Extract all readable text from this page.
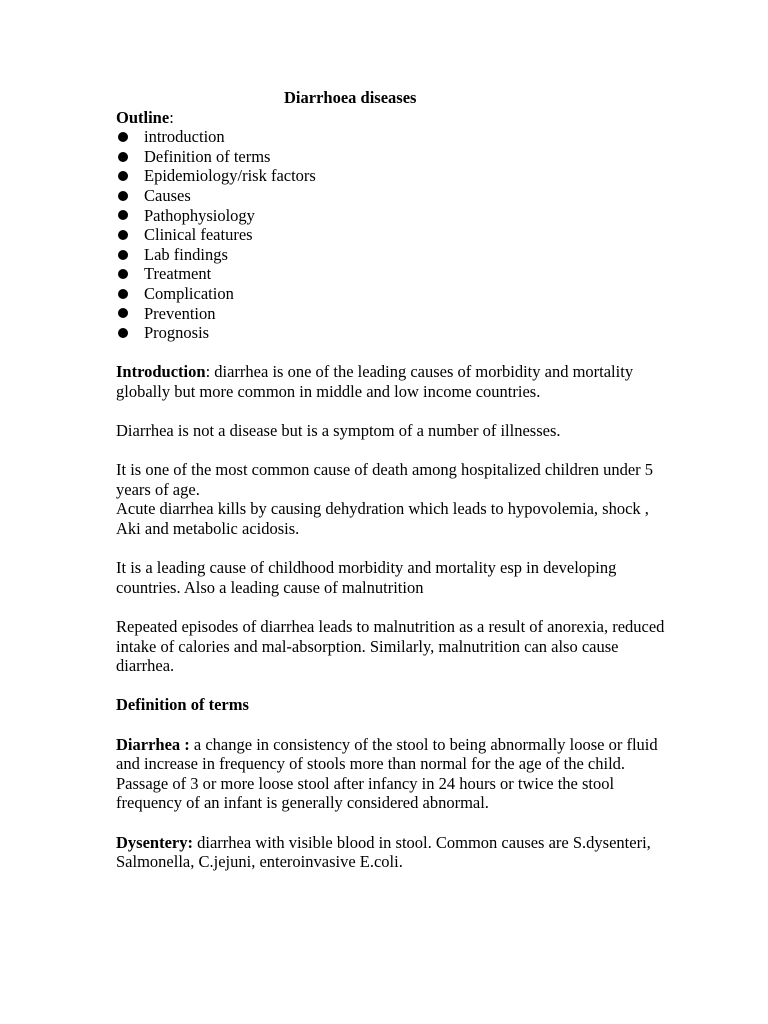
Diarrhoea diseases

Outline:

introduction
Definition of terms
Epidemiology/risk factors
Causes
Pathophysiology
Clinical features
Lab findings
Treatment
Complication
Prevention
Prognosis

Introduction: diarrhea is one of the leading causes of morbidity and mortality globally but more common in middle and low income countries.

Diarrhea is not a disease but is a symptom of a number of illnesses.

It is one of the most common cause of death among hospitalized children under 5 years of age.

Acute diarrhea kills by causing dehydration which leads to hypovolemia, shock , Aki and metabolic acidosis.

It is a leading cause of childhood morbidity and mortality esp in developing countries. Also a leading cause of malnutrition

Repeated episodes of diarrhea leads to malnutrition as a result of anorexia, reduced intake of calories and mal-absorption. Similarly, malnutrition can also cause diarrhea.

Definition of terms

Diarrhea : a change in consistency of the stool to being abnormally loose or fluid and increase in frequency of stools more than normal for the age of the child.

Passage of 3 or more loose stool after infancy in 24 hours or twice the stool frequency of an infant is generally considered abnormal.

Dysentery: diarrhea with visible blood in stool. Common causes are S.dysenteri, Salmonella, C.jejuni, enteroinvasive E.coli.
